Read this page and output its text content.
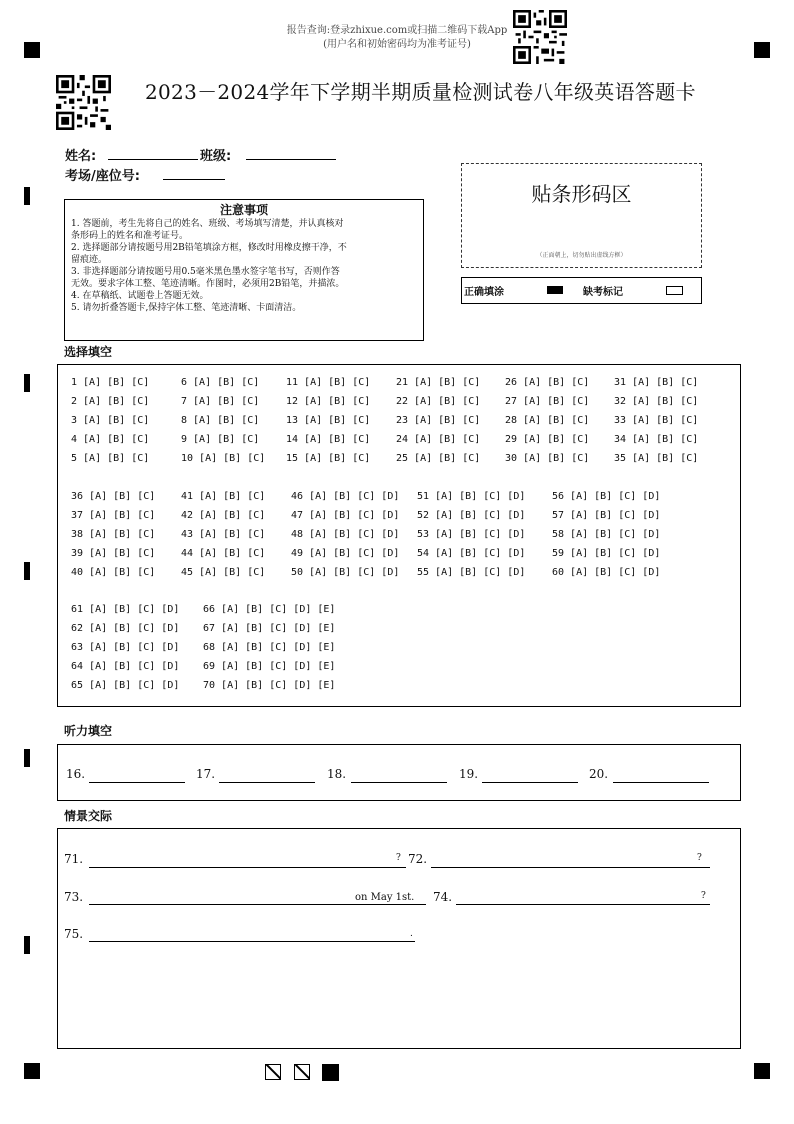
报告查询:登录zhixue.com或扫描二维码下载App
(用户名和初始密码均为准考证号)
2023－2024学年下学期半期质量检测试卷八年级英语答题卡
姓名:	班级:
考场/座位号:
注意事项
1. 答题前，考生先将自己的姓名、班级、考场填写清楚，并认真核对
条形码上的姓名和准考证号。
2. 选择题部分请按题号用2B铅笔填涂方框，修改时用橡皮擦干净，不
留痕迹。
3. 非选择题部分请按题号用0.5毫米黑色墨水签字笔书写，否则作答
无效。要求字体工整、笔迹清晰。作图时，必须用2B铅笔，并描浓。
4. 在草稿纸、试题卷上答题无效。
5. 请勿折叠答题卡,保持字体工整、笔迹清晰、卡面清洁。
贴条形码区
（正面朝上，切勿贴出虚线方框）
正确填涂	缺考标记
选择填空
1 [A] [B] [C]	6 [A] [B] [C]	11 [A] [B] [C]	21 [A] [B] [C] 26 [A] [B] [C] 31 [A] [B] [C]
2 [A] [B] [C]	7 [A] [B] [C]	12 [A] [B] [C]	22 [A] [B] [C] 27 [A] [B] [C] 32 [A] [B] [C]
3 [A] [B] [C]	8 [A] [B] [C]	13 [A] [B] [C]	23 [A] [B] [C] 28 [A] [B] [C] 33 [A] [B] [C]
4 [A] [B] [C]	9 [A] [B] [C]	14 [A] [B] [C]	24 [A] [B] [C] 29 [A] [B] [C] 34 [A] [B] [C]
5 [A] [B] [C]	10 [A] [B] [C] 15 [A] [B] [C]	25 [A] [B] [C] 30 [A] [B] [C] 35 [A] [B] [C]
36 [A] [B] [C]	41 [A] [B] [C]	46 [A] [B] [C] [D] 51 [A] [B] [C] [D]	56 [A] [B] [C] [D]
37 [A] [B] [C]	42 [A] [B] [C]	47 [A] [B] [C] [D] 52 [A] [B] [C] [D]	57 [A] [B] [C] [D]
38 [A] [B] [C]	43 [A] [B] [C]	48 [A] [B] [C] [D] 53 [A] [B] [C] [D]	58 [A] [B] [C] [D]
39 [A] [B] [C]	44 [A] [B] [C]	49 [A] [B] [C] [D] 54 [A] [B] [C] [D]	59 [A] [B] [C] [D]
40 [A] [B] [C]	45 [A] [B] [C]	50 [A] [B] [C] [D] 55 [A] [B] [C] [D]	60 [A] [B] [C] [D]
61 [A] [B] [C] [D] 66 [A] [B] [C] [D] [E]
62 [A] [B] [C] [D] 67 [A] [B] [C] [D] [E]
63 [A] [B] [C] [D] 68 [A] [B] [C] [D] [E]
64 [A] [B] [C] [D] 69 [A] [B] [C] [D] [E]
65 [A] [B] [C] [D] 70 [A] [B] [C] [D] [E]
听力填空
16.	17.	18.	19.	20.
情景交际
71.	? 72.	?
73.	on May 1st. 74.	?
75.	.
